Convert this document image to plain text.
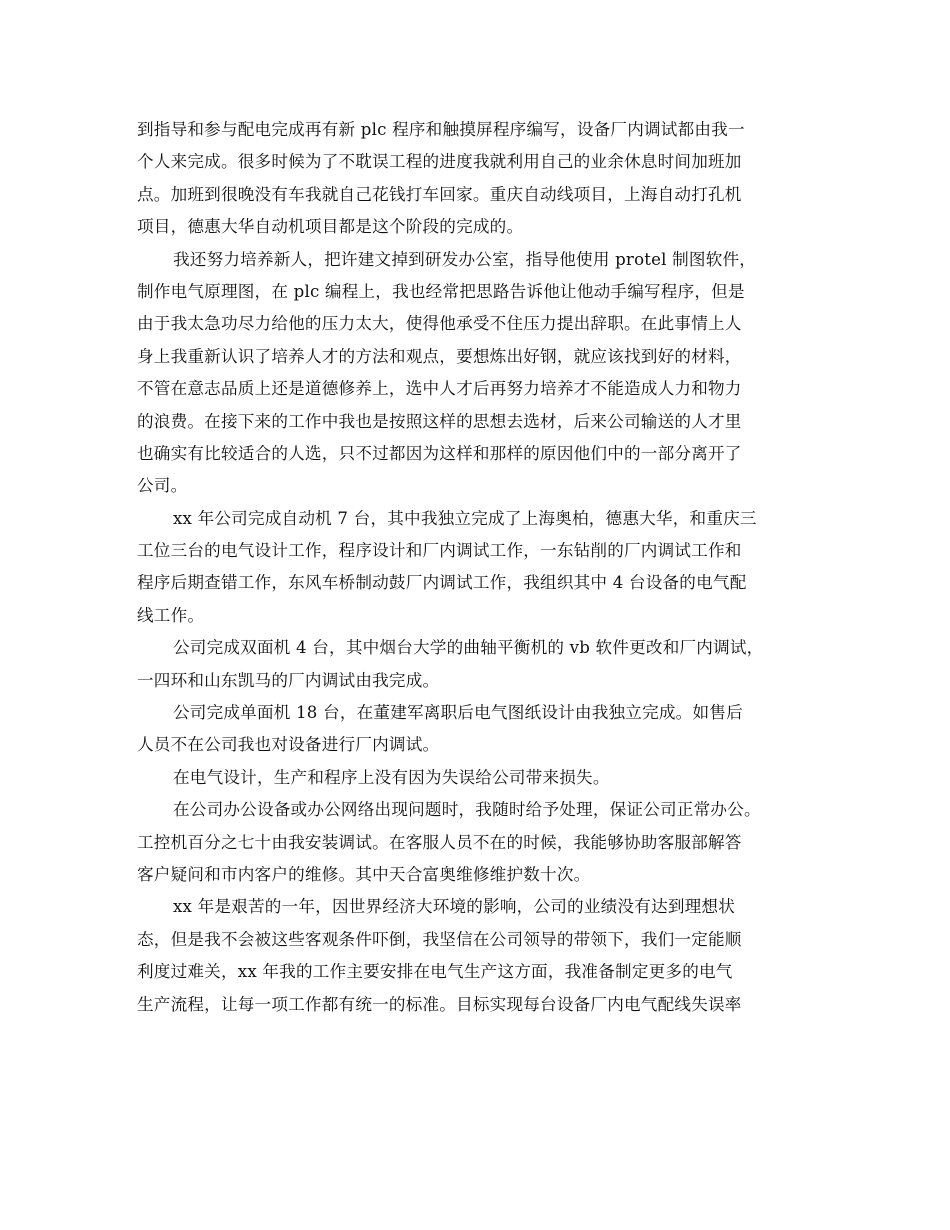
到指导和参与配电完成再有新 plc 程序和触摸屏程序编写，设备厂内调试都由我一
个人来完成。很多时候为了不耽误工程的进度我就利用自己的业余休息时间加班加
点。加班到很晚没有车我就自己花钱打车回家。重庆自动线项目，上海自动打孔机
项目，德惠大华自动机项目都是这个阶段的完成的。
我还努力培养新人，把许建文掉到研发办公室，指导他使用 protel 制图软件，
制作电气原理图，在 plc 编程上，我也经常把思路告诉他让他动手编写程序，但是
由于我太急功尽力给他的压力太大，使得他承受不住压力提出辞职。在此事情上人
身上我重新认识了培养人才的方法和观点，要想炼出好钢，就应该找到好的材料，
不管在意志品质上还是道德修养上，选中人才后再努力培养才不能造成人力和物力
的浪费。在接下来的工作中我也是按照这样的思想去选材，后来公司输送的人才里
也确实有比较适合的人选，只不过都因为这样和那样的原因他们中的一部分离开了
公司。
xx 年公司完成自动机 7 台，其中我独立完成了上海奥柏，德惠大华，和重庆三
工位三台的电气设计工作，程序设计和厂内调试工作，一东钻削的厂内调试工作和
程序后期查错工作，东风车桥制动鼓厂内调试工作，我组织其中 4 台设备的电气配
线工作。
公司完成双面机 4 台，其中烟台大学的曲轴平衡机的 vb 软件更改和厂内调试，
一四环和山东凯马的厂内调试由我完成。
公司完成单面机 18 台，在董建军离职后电气图纸设计由我独立完成。如售后
人员不在公司我也对设备进行厂内调试。
在电气设计，生产和程序上没有因为失误给公司带来损失。
在公司办公设备或办公网络出现问题时，我随时给予处理，保证公司正常办公。
工控机百分之七十由我安装调试。在客服人员不在的时候，我能够协助客服部解答
客户疑问和市内客户的维修。其中天合富奥维修维护数十次。
xx 年是艰苦的一年，因世界经济大环境的影响，公司的业绩没有达到理想状
态，但是我不会被这些客观条件吓倒，我坚信在公司领导的带领下，我们一定能顺
利度过难关，xx 年我的工作主要安排在电气生产这方面，我准备制定更多的电气
生产流程，让每一项工作都有统一的标准。目标实现每台设备厂内电气配线失误率
